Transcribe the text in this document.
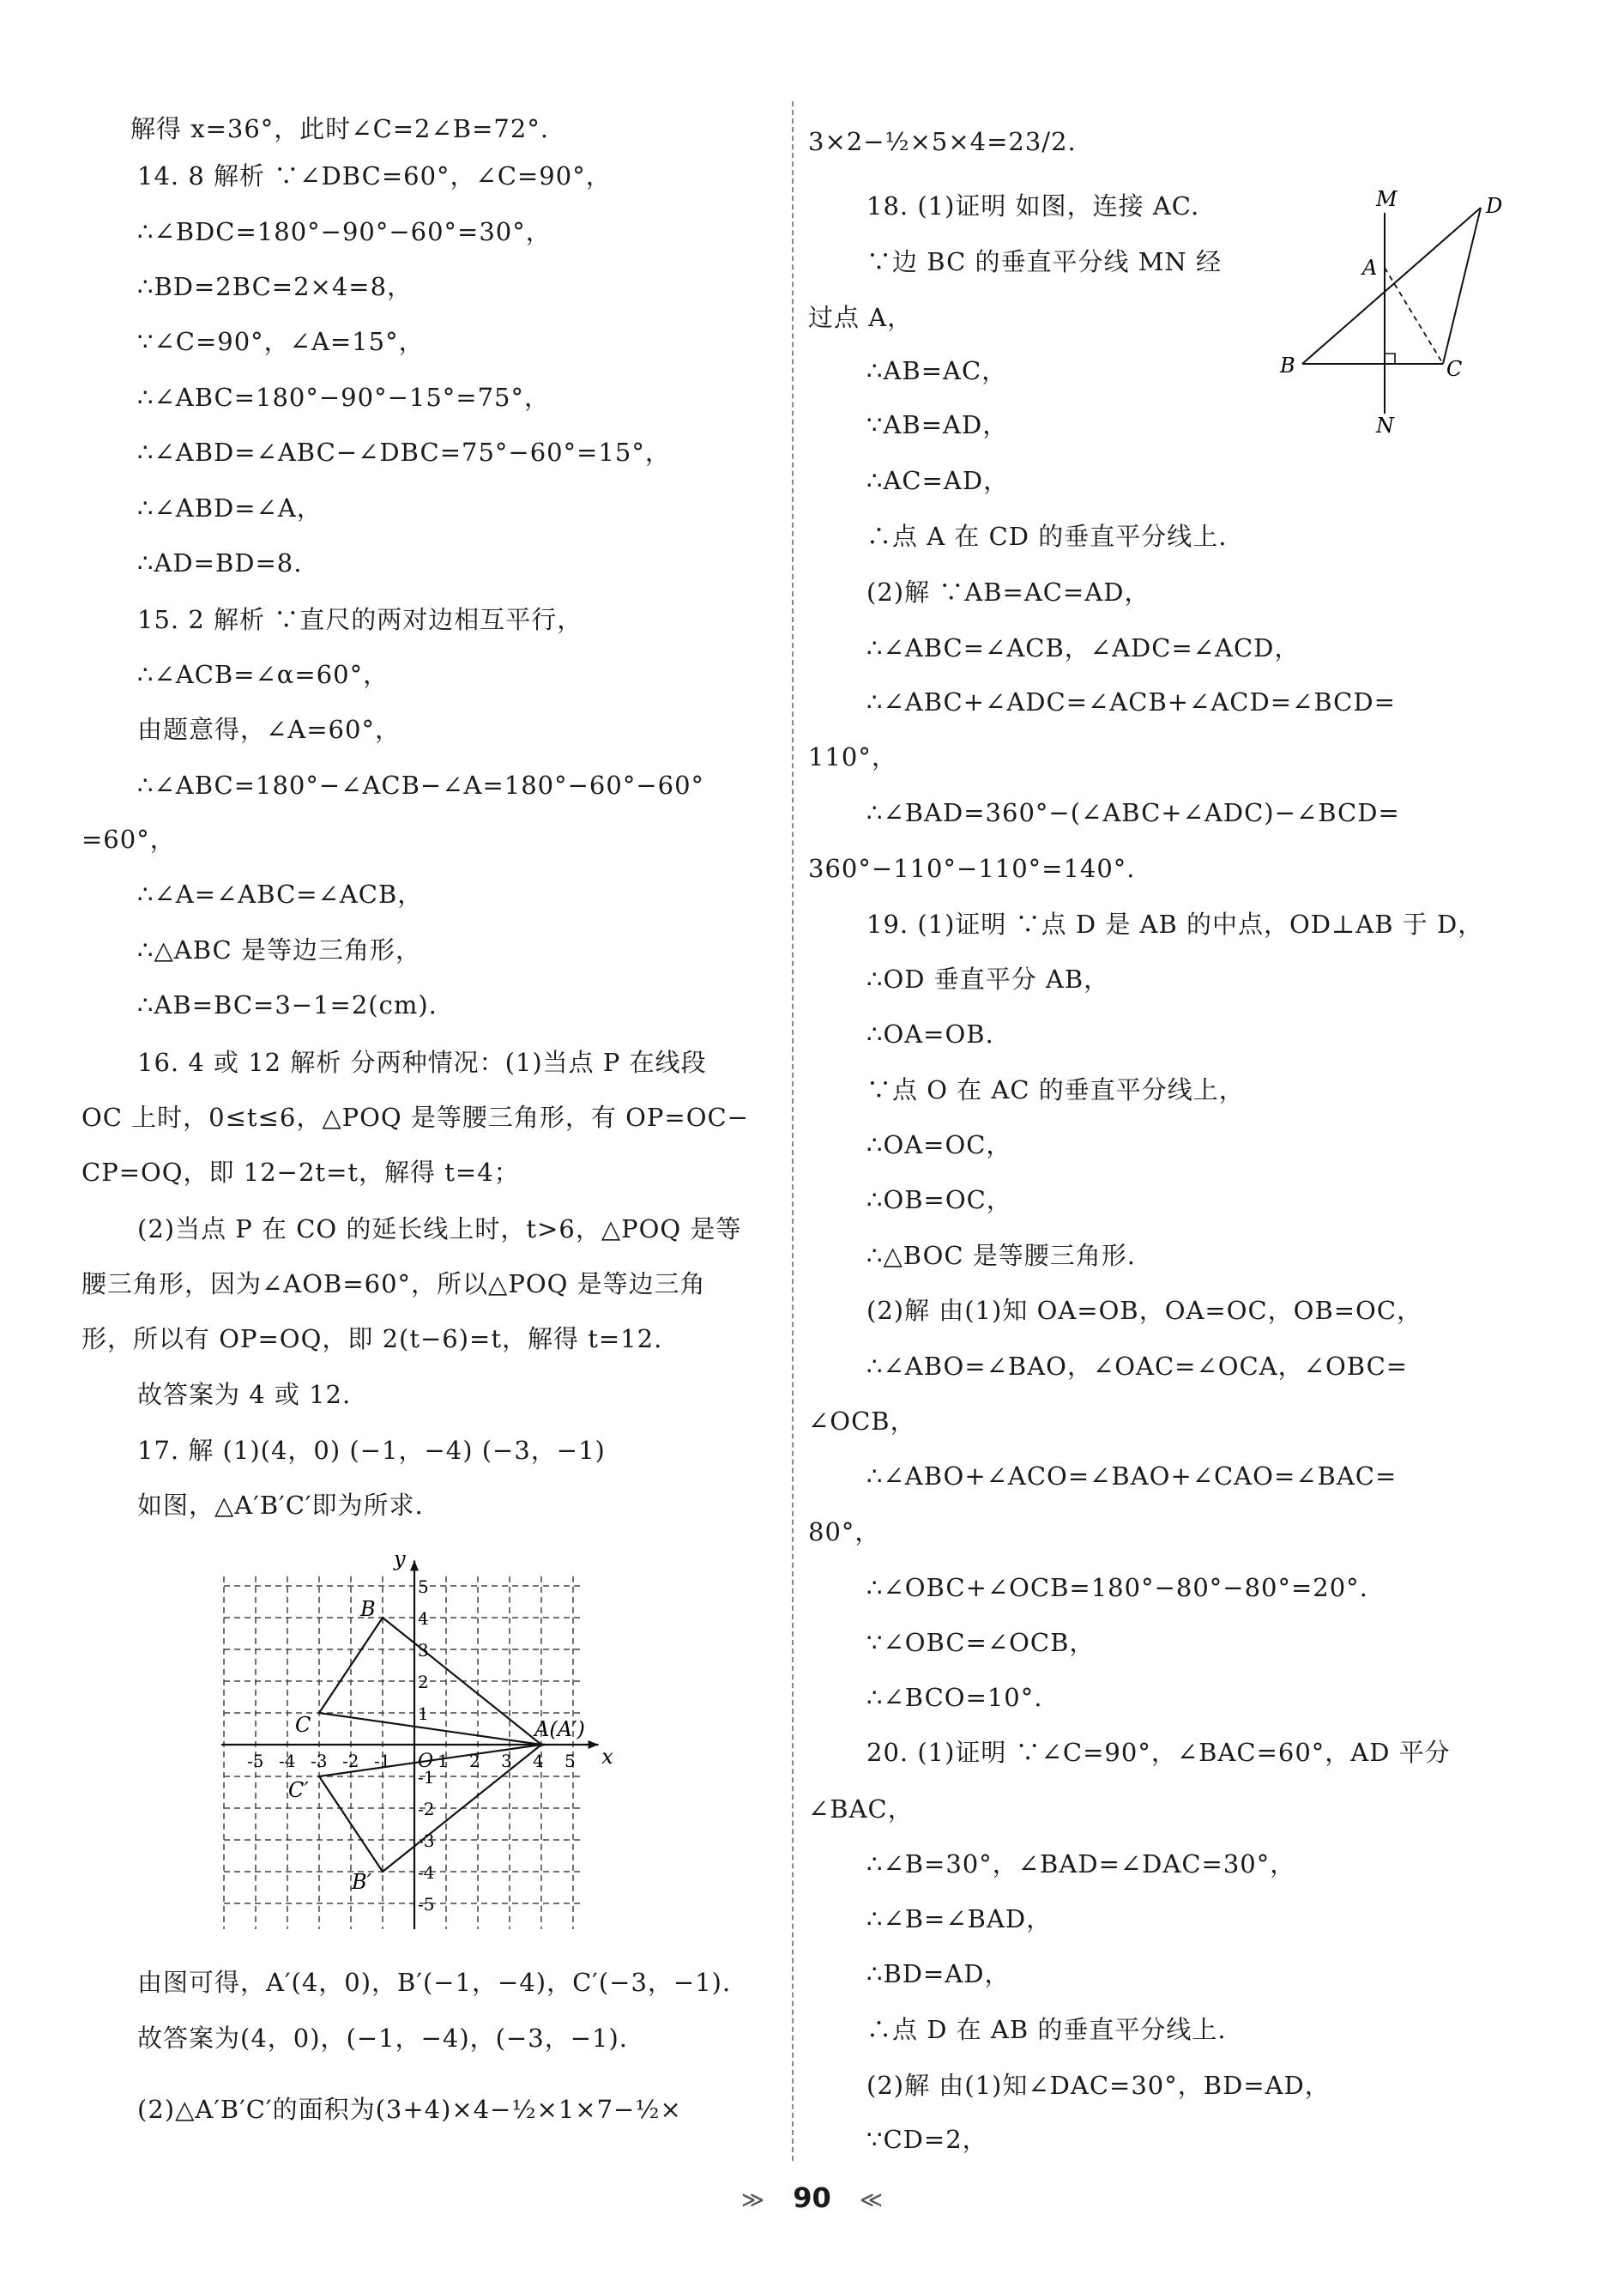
解得 x=36°，此时∠C=2∠B=72°.
14. 8 解析 ∵∠DBC=60°，∠C=90°，
∴∠BDC=180°−90°−60°=30°，
∴BD=2BC=2×4=8，
∵∠C=90°，∠A=15°，
∴∠ABC=180°−90°−15°=75°，
∴∠ABD=∠ABC−∠DBC=75°−60°=15°，
∴∠ABD=∠A，
∴AD=BD=8.
15. 2 解析 ∵直尺的两对边相互平行，
∴∠ACB=∠α=60°，
由题意得，∠A=60°，
∴∠ABC=180°−∠ACB−∠A=180°−60°−60°
=60°，
∴∠A=∠ABC=∠ACB，
∴△ABC 是等边三角形，
∴AB=BC=3−1=2(cm).
16. 4 或 12 解析 分两种情况：(1)当点 P 在线段
OC 上时，0≤t≤6，△POQ 是等腰三角形，有 OP=OC−
CP=OQ，即 12−2t=t，解得 t=4；
(2)当点 P 在 CO 的延长线上时，t>6，△POQ 是等
腰三角形，因为∠AOB=60°，所以△POQ 是等边三角
形，所以有 OP=OQ，即 2(t−6)=t，解得 t=12.
故答案为 4 或 12.
17. 解 (1)(4，0) (−1，−4) (−3，−1)
如图，△A′B′C′即为所求.
由图可得，A′(4，0)，B′(−1，−4)，C′(−3，−1).
故答案为(4，0)，(−1，−4)，(−3，−1).
(2)△A′B′C′的面积为(3+4)×4−½×1×7−½×
3×2−½×5×4=23/2.
18. (1)证明 如图，连接 AC.
∵边 BC 的垂直平分线 MN 经
过点 A，
∴AB=AC，
∵AB=AD，
∴AC=AD，
∴点 A 在 CD 的垂直平分线上.
(2)解 ∵AB=AC=AD，
∴∠ABC=∠ACB，∠ADC=∠ACD，
∴∠ABC+∠ADC=∠ACB+∠ACD=∠BCD=
110°，
∴∠BAD=360°−(∠ABC+∠ADC)−∠BCD=
360°−110°−110°=140°.
19. (1)证明 ∵点 D 是 AB 的中点，OD⊥AB 于 D，
∴OD 垂直平分 AB，
∴OA=OB.
∵点 O 在 AC 的垂直平分线上，
∴OA=OC，
∴OB=OC，
∴△BOC 是等腰三角形.
(2)解 由(1)知 OA=OB，OA=OC，OB=OC，
∴∠ABO=∠BAO，∠OAC=∠OCA，∠OBC=
∠OCB，
∴∠ABO+∠ACO=∠BAO+∠CAO=∠BAC=
80°，
∴∠OBC+∠OCB=180°−80°−80°=20°.
∵∠OBC=∠OCB，
∴∠BCO=10°.
20. (1)证明 ∵∠C=90°，∠BAC=60°，AD 平分
∠BAC，
∴∠B=30°，∠BAD=∠DAC=30°，
∴∠B=∠BAD，
∴BD=AD，
∴点 D 在 AB 的垂直平分线上.
(2)解 由(1)知∠DAC=30°，BD=AD，
∵CD=2，
x
y
O
-5 -4 -3 -2 -1	1 2 3 4 5
5
4
3
2
1
-1
-2
-3
-4
-5
A(A′)
B
C
B′
C′
M
N
A
B	C
D
≫ 90 ≪
